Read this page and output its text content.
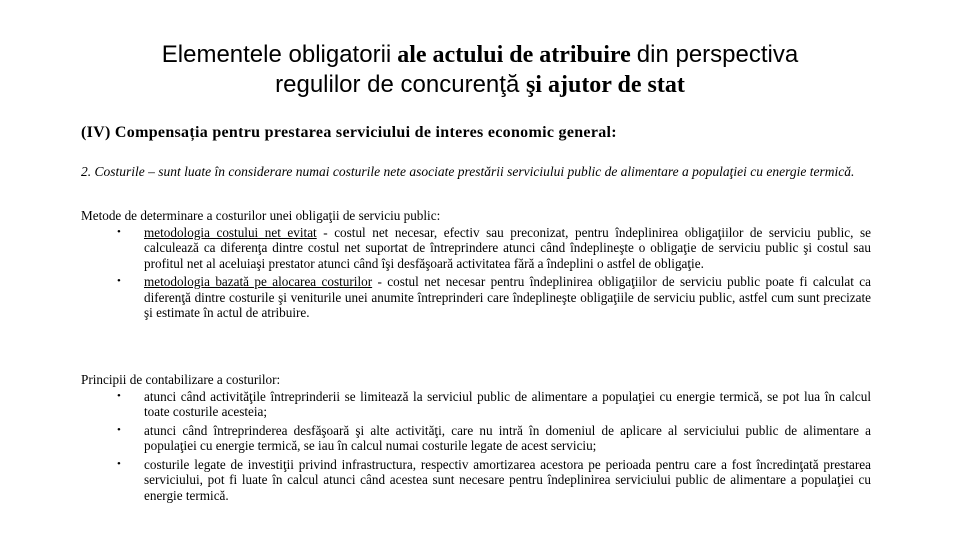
Elementele obligatorii ale actului de atribuire din perspectiva
regulilor de concurenţă şi ajutor de stat
(IV) Compensația pentru prestarea serviciului de interes economic general:
2. Costurile – sunt luate în considerare numai costurile nete asociate prestării serviciului public de alimentare a populaţiei cu energie termică.
Metode de determinare a costurilor unei obligaţii de serviciu public:
• metodologia costului net evitat - costul net necesar, efectiv sau preconizat, pentru îndeplinirea obligaţiilor de serviciu public, se calculează ca diferenţa dintre costul net suportat de întreprindere atunci când îndeplineşte o obligaţie de serviciu public şi costul sau profitul net al aceluiaşi prestator atunci când îşi desfăşoară activitatea fără a îndeplini o astfel de obligaţie.
• metodologia bazată pe alocarea costurilor - costul net necesar pentru îndeplinirea obligaţiilor de serviciu public poate fi calculat ca diferenţă dintre costurile şi veniturile unei anumite întreprinderi care îndeplineşte obligaţiile de serviciu public, astfel cum sunt precizate şi estimate în actul de atribuire.
Principii de contabilizare a costurilor:
• atunci când activităţile întreprinderii se limitează la serviciul public de alimentare a populaţiei cu energie termică, se pot lua în calcul toate costurile acesteia;
• atunci când întreprinderea desfăşoară şi alte activităţi, care nu intră în domeniul de aplicare al serviciului public de alimentare a populaţiei cu energie termică, se iau în calcul numai costurile legate de acest serviciu;
• costurile legate de investiţii privind infrastructura, respectiv amortizarea acestora pe perioada pentru care a fost încredinţată prestarea serviciului, pot fi luate în calcul atunci când acestea sunt necesare pentru îndeplinirea serviciului public de alimentare a populaţiei cu energie termică.
